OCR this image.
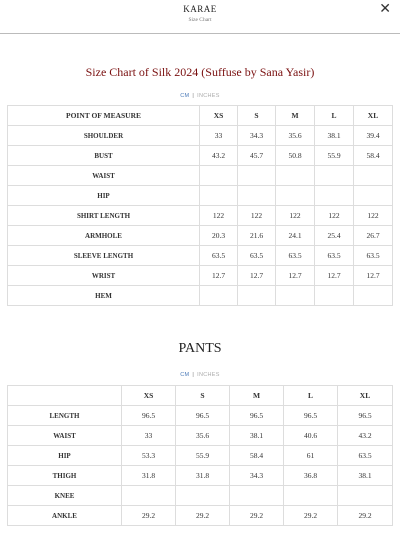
KARAE
Size Chart
✕
Size Chart of Silk 2024 (Suffuse by Sana Yasir)
CM | INCHES
POINT OF MEASURE	XS	S	M	L	XL
SHOULDER	33	34.3	35.6	38.1	39.4
BUST	43.2	45.7	50.8	55.9	58.4
WAIST					
HIP					
SHIRT LENGTH	122	122	122	122	122
ARMHOLE	20.3	21.6	24.1	25.4	26.7
SLEEVE LENGTH	63.5	63.5	63.5	63.5	63.5
WRIST	12.7	12.7	12.7	12.7	12.7
HEM					
PANTS
CM | INCHES
	XS	S	M	L	XL
LENGTH	96.5	96.5	96.5	96.5	96.5
WAIST	33	35.6	38.1	40.6	43.2
HIP	53.3	55.9	58.4	61	63.5
THIGH	31.8	31.8	34.3	36.8	38.1
KNEE					
ANKLE	29.2	29.2	29.2	29.2	29.2
